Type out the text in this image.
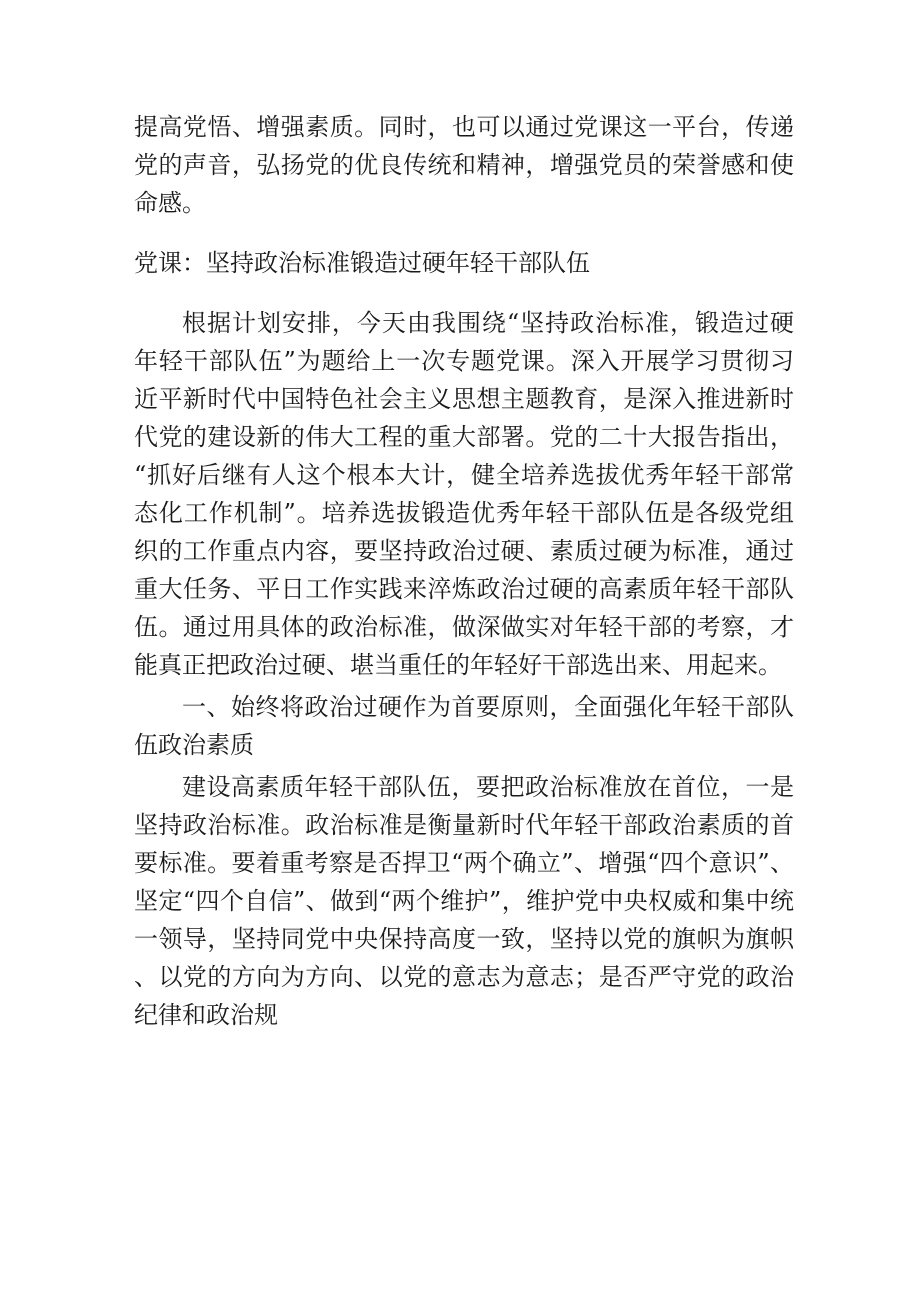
提高党悟、增强素质。同时，也可以通过党课这一平台，传递党的声音，弘扬党的优良传统和精神，增强党员的荣誉感和使命感。

党课：坚持政治标准锻造过硬年轻干部队伍

根据计划安排，今天由我围绕“坚持政治标准，锻造过硬年轻干部队伍”为题给上一次专题党课。深入开展学习贯彻习近平新时代中国特色社会主义思想主题教育，是深入推进新时代党的建设新的伟大工程的重大部署。党的二十大报告指出，“抓好后继有人这个根本大计，健全培养选拔优秀年轻干部常态化工作机制”。培养选拔锻造优秀年轻干部队伍是各级党组织的工作重点内容，要坚持政治过硬、素质过硬为标准，通过重大任务、平日工作实践来淬炼政治过硬的高素质年轻干部队伍。通过用具体的政治标准，做深做实对年轻干部的考察，才能真正把政治过硬、堪当重任的年轻好干部选出来、用起来。

一、始终将政治过硬作为首要原则，全面强化年轻干部队伍政治素质

建设高素质年轻干部队伍，要把政治标准放在首位，一是坚持政治标准。政治标准是衡量新时代年轻干部政治素质的首要标准。要着重考察是否捍卫“两个确立”、增强“四个意识”、坚定“四个自信”、做到“两个维护”，维护党中央权威和集中统一领导，坚持同党中央保持高度一致，坚持以党的旗帜为旗帜、以党的方向为方向、以党的意志为意志；是否严守党的政治纪律和政治规
